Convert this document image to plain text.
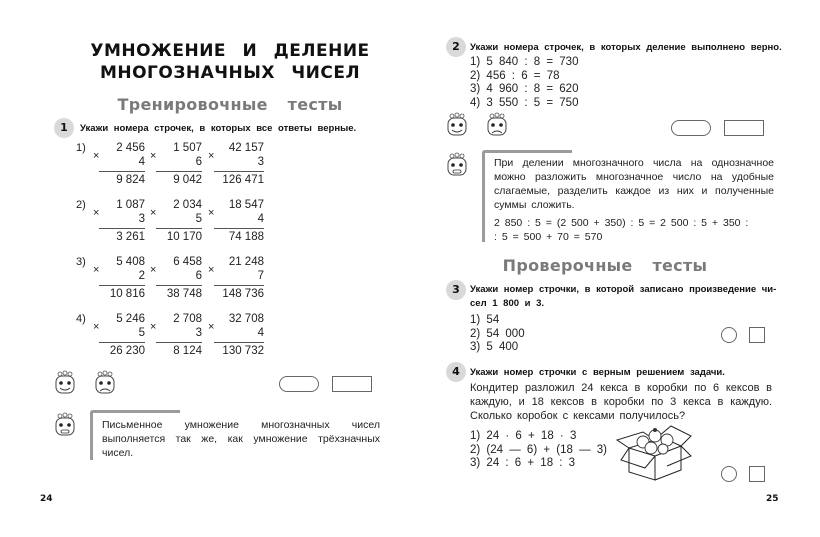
УМНОЖЕНИЕ И ДЕЛЕНИЕ
МНОГОЗНАЧНЫХ ЧИСЕЛ
Тренировочные тесты
1	Укажи номера строчек, в которых все ответы верные.
1)
×
2 456
4
9 824
×
1 507
6
9 042
×
42 157
3
126 471
2)
×
1 087
3
3 261
×
2 034
5
10 170
×
18 547
4
74 188
3)
×
5 408
2
10 816
×
6 458
6
38 748
×
21 248
7
148 736
4)
×
5 246
5
26 230
×
2 708
3
8 124
×
32 708
4
130 732
Письменное умножение многозначных чисел выполняется так же, как умножение трёхзначных чисел.
24
2	Укажи номера строчек, в которых деление выполнено верно.
1) 5 840 : 8 = 730
2) 456 : 6 = 78
3) 4 960 : 8 = 620
4) 3 550 : 5 = 750
При делении многозначного числа на однозначное можно разложить многозначное число на удобные слагаемые, разделить каждое из них и полученные суммы сложить.
2 850 : 5 = (2 500 + 350) : 5 = 2 500 : 5 + 350 :
: 5 = 500 + 70 = 570
Проверочные тесты
3	Укажи номер строчки, в которой записано произведение чи-
сел 1 800 и 3.
1) 54
2) 54 000
3) 5 400
4	Укажи номер строчки с верным решением задачи.
Кондитер разложил 24 кекса в коробки по 6 кексов в каждую, и 18 кексов в коробки по 3 кекса в каждую. Сколько коробок с кексами получилось?
1) 24 · 6 + 18 · 3
2) (24 — 6) + (18 — 3)
3) 24 : 6 + 18 : 3
25
